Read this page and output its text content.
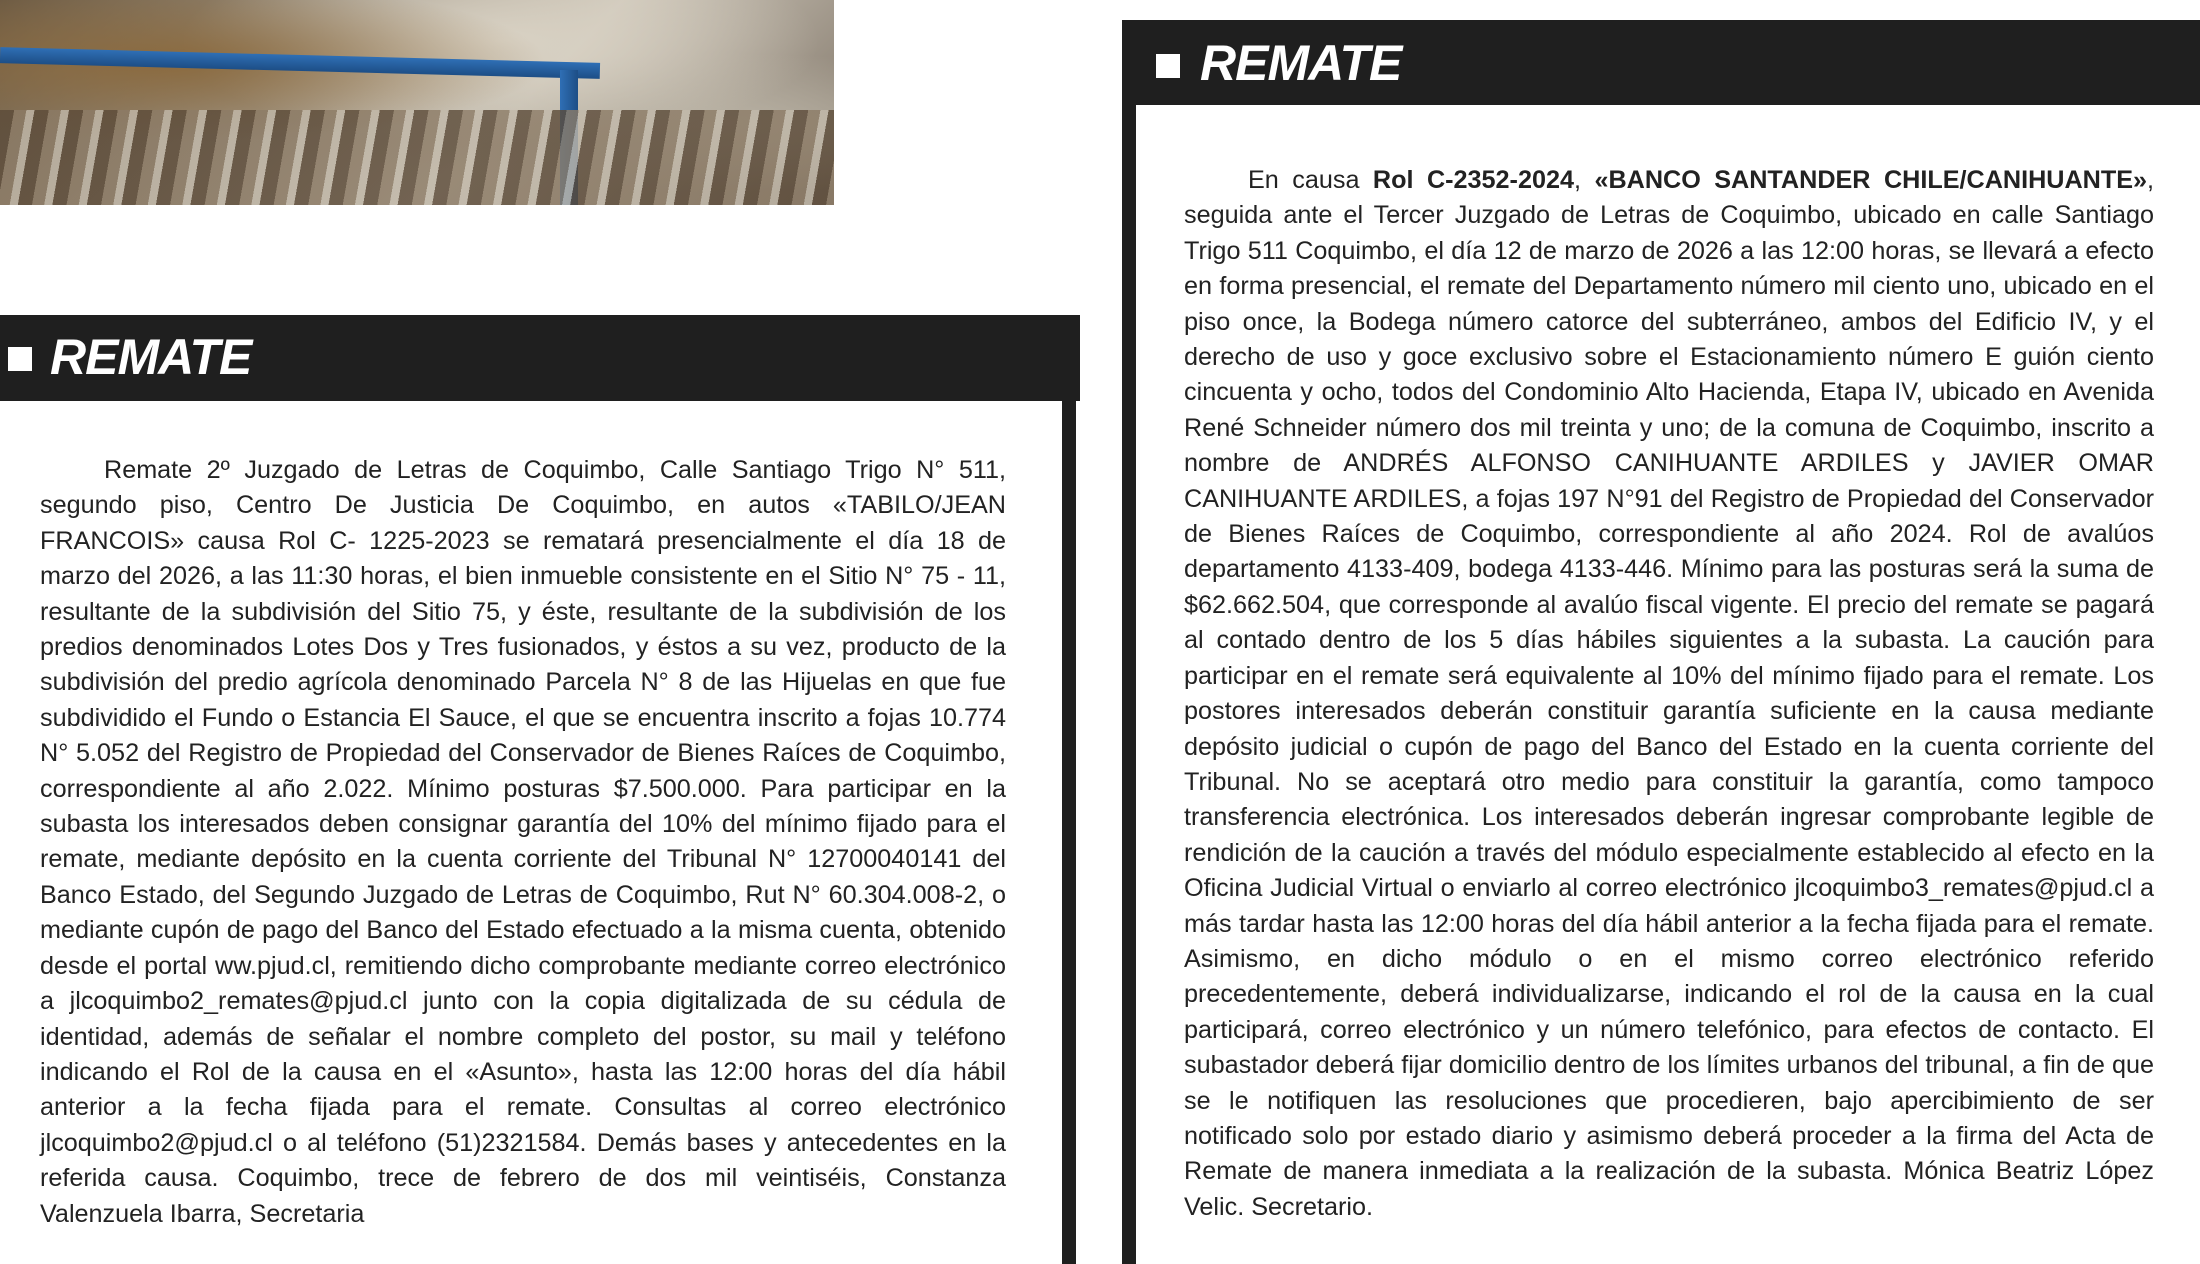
REMATE
Remate 2º Juzgado de Letras de Coquimbo, Calle Santiago Trigo N° 511, segundo piso, Centro De Justicia De Coquimbo, en autos «TABILO/JEAN FRANCOIS» causa Rol C- 1225-2023 se rematará presencialmente el día 18 de marzo del 2026, a las 11:30 horas, el bien inmueble consistente en el Sitio N° 75 - 11, resultante de la subdivisión del Sitio 75, y éste, resultante de la subdivisión de los predios denominados Lotes Dos y Tres fusionados, y éstos a su vez, producto de la subdivisión del predio agrícola denominado Parcela N° 8 de las Hijuelas en que fue subdividido el Fundo o Estancia El Sauce, el que se encuentra inscrito a fojas 10.774 N° 5.052 del Registro de Propiedad del Conservador de Bienes Raíces de Coquimbo, correspondiente al año 2.022. Mínimo posturas $7.500.000. Para participar en la subasta los interesados deben consignar garantía del 10% del mínimo fijado para el remate, mediante depósito en la cuenta corriente del Tribunal N° 12700040141 del Banco Estado, del Segundo Juzgado de Letras de Coquimbo, Rut N° 60.304.008-2, o mediante cupón de pago del Banco del Estado efectuado a la misma cuenta, obtenido desde el portal ww.pjud.cl, remitiendo dicho comprobante mediante correo electrónico a jlcoquimbo2_remates@pjud.cl junto con la copia digitalizada de su cédula de identidad, además de señalar el nombre completo del postor, su mail y teléfono indicando el Rol de la causa en el «Asunto», hasta las 12:00 horas del día hábil anterior a la fecha fijada para el remate. Consultas al correo electrónico jlcoquimbo2@pjud.cl o al teléfono (51)2321584. Demás bases y antecedentes en la referida causa. Coquimbo, trece de febrero de dos mil veintiséis, Constanza Valenzuela Ibarra, Secretaria
REMATE
En causa Rol C-2352-2024, «BANCO SANTANDER CHILE/CANIHUANTE», seguida ante el Tercer Juzgado de Letras de Coquimbo, ubicado en calle Santiago Trigo 511 Coquimbo, el día 12 de marzo de 2026 a las 12:00 horas, se llevará a efecto en forma presencial, el remate del Departamento número mil ciento uno, ubicado en el piso once, la Bodega número catorce del subterráneo, ambos del Edificio IV, y el derecho de uso y goce exclusivo sobre el Estacionamiento número E guión ciento cincuenta y ocho, todos del Condominio Alto Hacienda, Etapa IV, ubicado en Avenida René Schneider número dos mil treinta y uno; de la comuna de Coquimbo, inscrito a nombre de ANDRÉS ALFONSO CANIHUANTE ARDILES y JAVIER OMAR CANIHUANTE ARDILES, a fojas 197 N°91 del Registro de Propiedad del Conservador de Bienes Raíces de Coquimbo, correspondiente al año 2024. Rol de avalúos departamento 4133-409, bodega 4133-446. Mínimo para las posturas será la suma de $62.662.504, que corresponde al avalúo fiscal vigente. El precio del remate se pagará al contado dentro de los 5 días hábiles siguientes a la subasta. La caución para participar en el remate será equivalente al 10% del mínimo fijado para el remate. Los postores interesados deberán constituir garantía suficiente en la causa mediante depósito judicial o cupón de pago del Banco del Estado en la cuenta corriente del Tribunal. No se aceptará otro medio para constituir la garantía, como tampoco transferencia electrónica. Los interesados deberán ingresar comprobante legible de rendición de la caución a través del módulo especialmente establecido al efecto en la Oficina Judicial Virtual o enviarlo al correo electrónico jlcoquimbo3_remates@pjud.cl a más tardar hasta las 12:00 horas del día hábil anterior a la fecha fijada para el remate. Asimismo, en dicho módulo o en el mismo correo electrónico referido precedentemente, deberá individualizarse, indicando el rol de la causa en la cual participará, correo electrónico y un número telefónico, para efectos de contacto. El subastador deberá fijar domicilio dentro de los límites urbanos del tribunal, a fin de que se le notifiquen las resoluciones que procedieren, bajo apercibimiento de ser notificado solo por estado diario y asimismo deberá proceder a la firma del Acta de Remate de manera inmediata a la realización de la subasta. Mónica Beatriz López Velic. Secretario.
